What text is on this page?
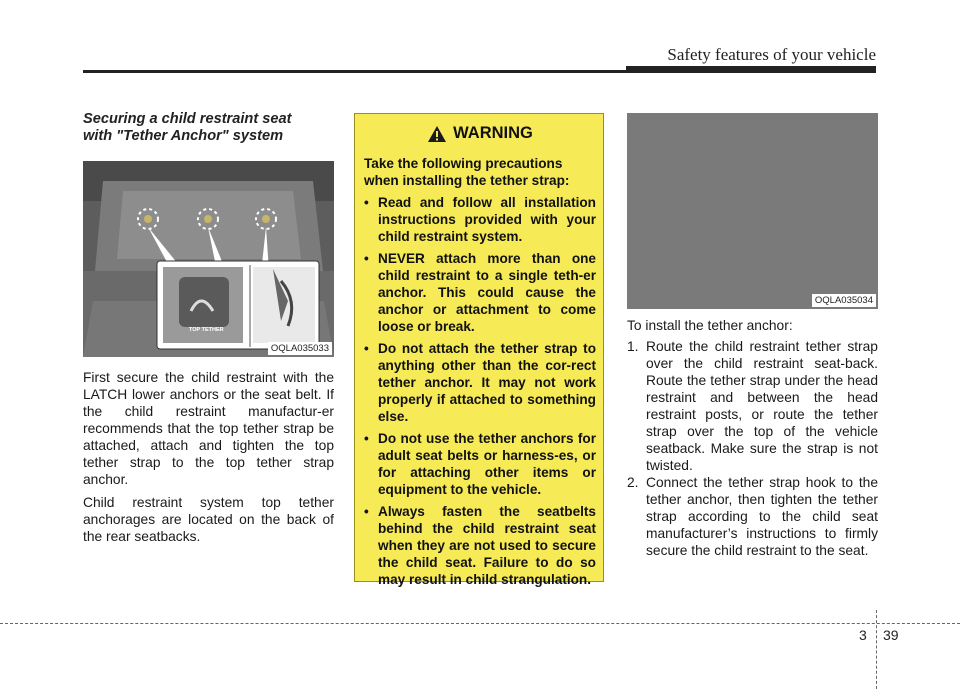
Safety features of your vehicle
Securing a child restraint seat
with "Tether Anchor" system
TOP TETHER
OQLA035033

First secure the child restraint with the LATCH lower anchors or the seat belt. If the child restraint manufactur-er recommends that the top tether strap be attached, attach and tighten the top tether strap to the top tether strap anchor.

Child restraint system top tether anchorages are located on the back of the rear seatbacks.

WARNING

Take the following precautions when installing the tether strap:

• Read and follow all installation instructions provided with your child restraint system.
• NEVER attach more than one child restraint to a single teth-er anchor. This could cause the anchor or attachment to come loose or break.
• Do not attach the tether strap to anything other than the cor-rect tether anchor. It may not work properly if attached to something else.
• Do not use the tether anchors for adult seat belts or harness-es, or for attaching other items or equipment to the vehicle.
• Always fasten the seatbelts behind the child restraint seat when they are not used to secure the child seat. Failure to do so may result in child strangulation.
OQLA035034

To install the tether anchor:

1. Route the child restraint tether strap over the child restraint seat-back. Route the tether strap under the head restraint and between the head restraint posts, or route the tether strap over the top of the vehicle seatback. Make sure the strap is not twisted.
2. Connect the tether strap hook to the tether anchor, then tighten the tether strap according to the child seat manufacturer’s instructions to firmly secure the child restraint to the seat.
3 39
